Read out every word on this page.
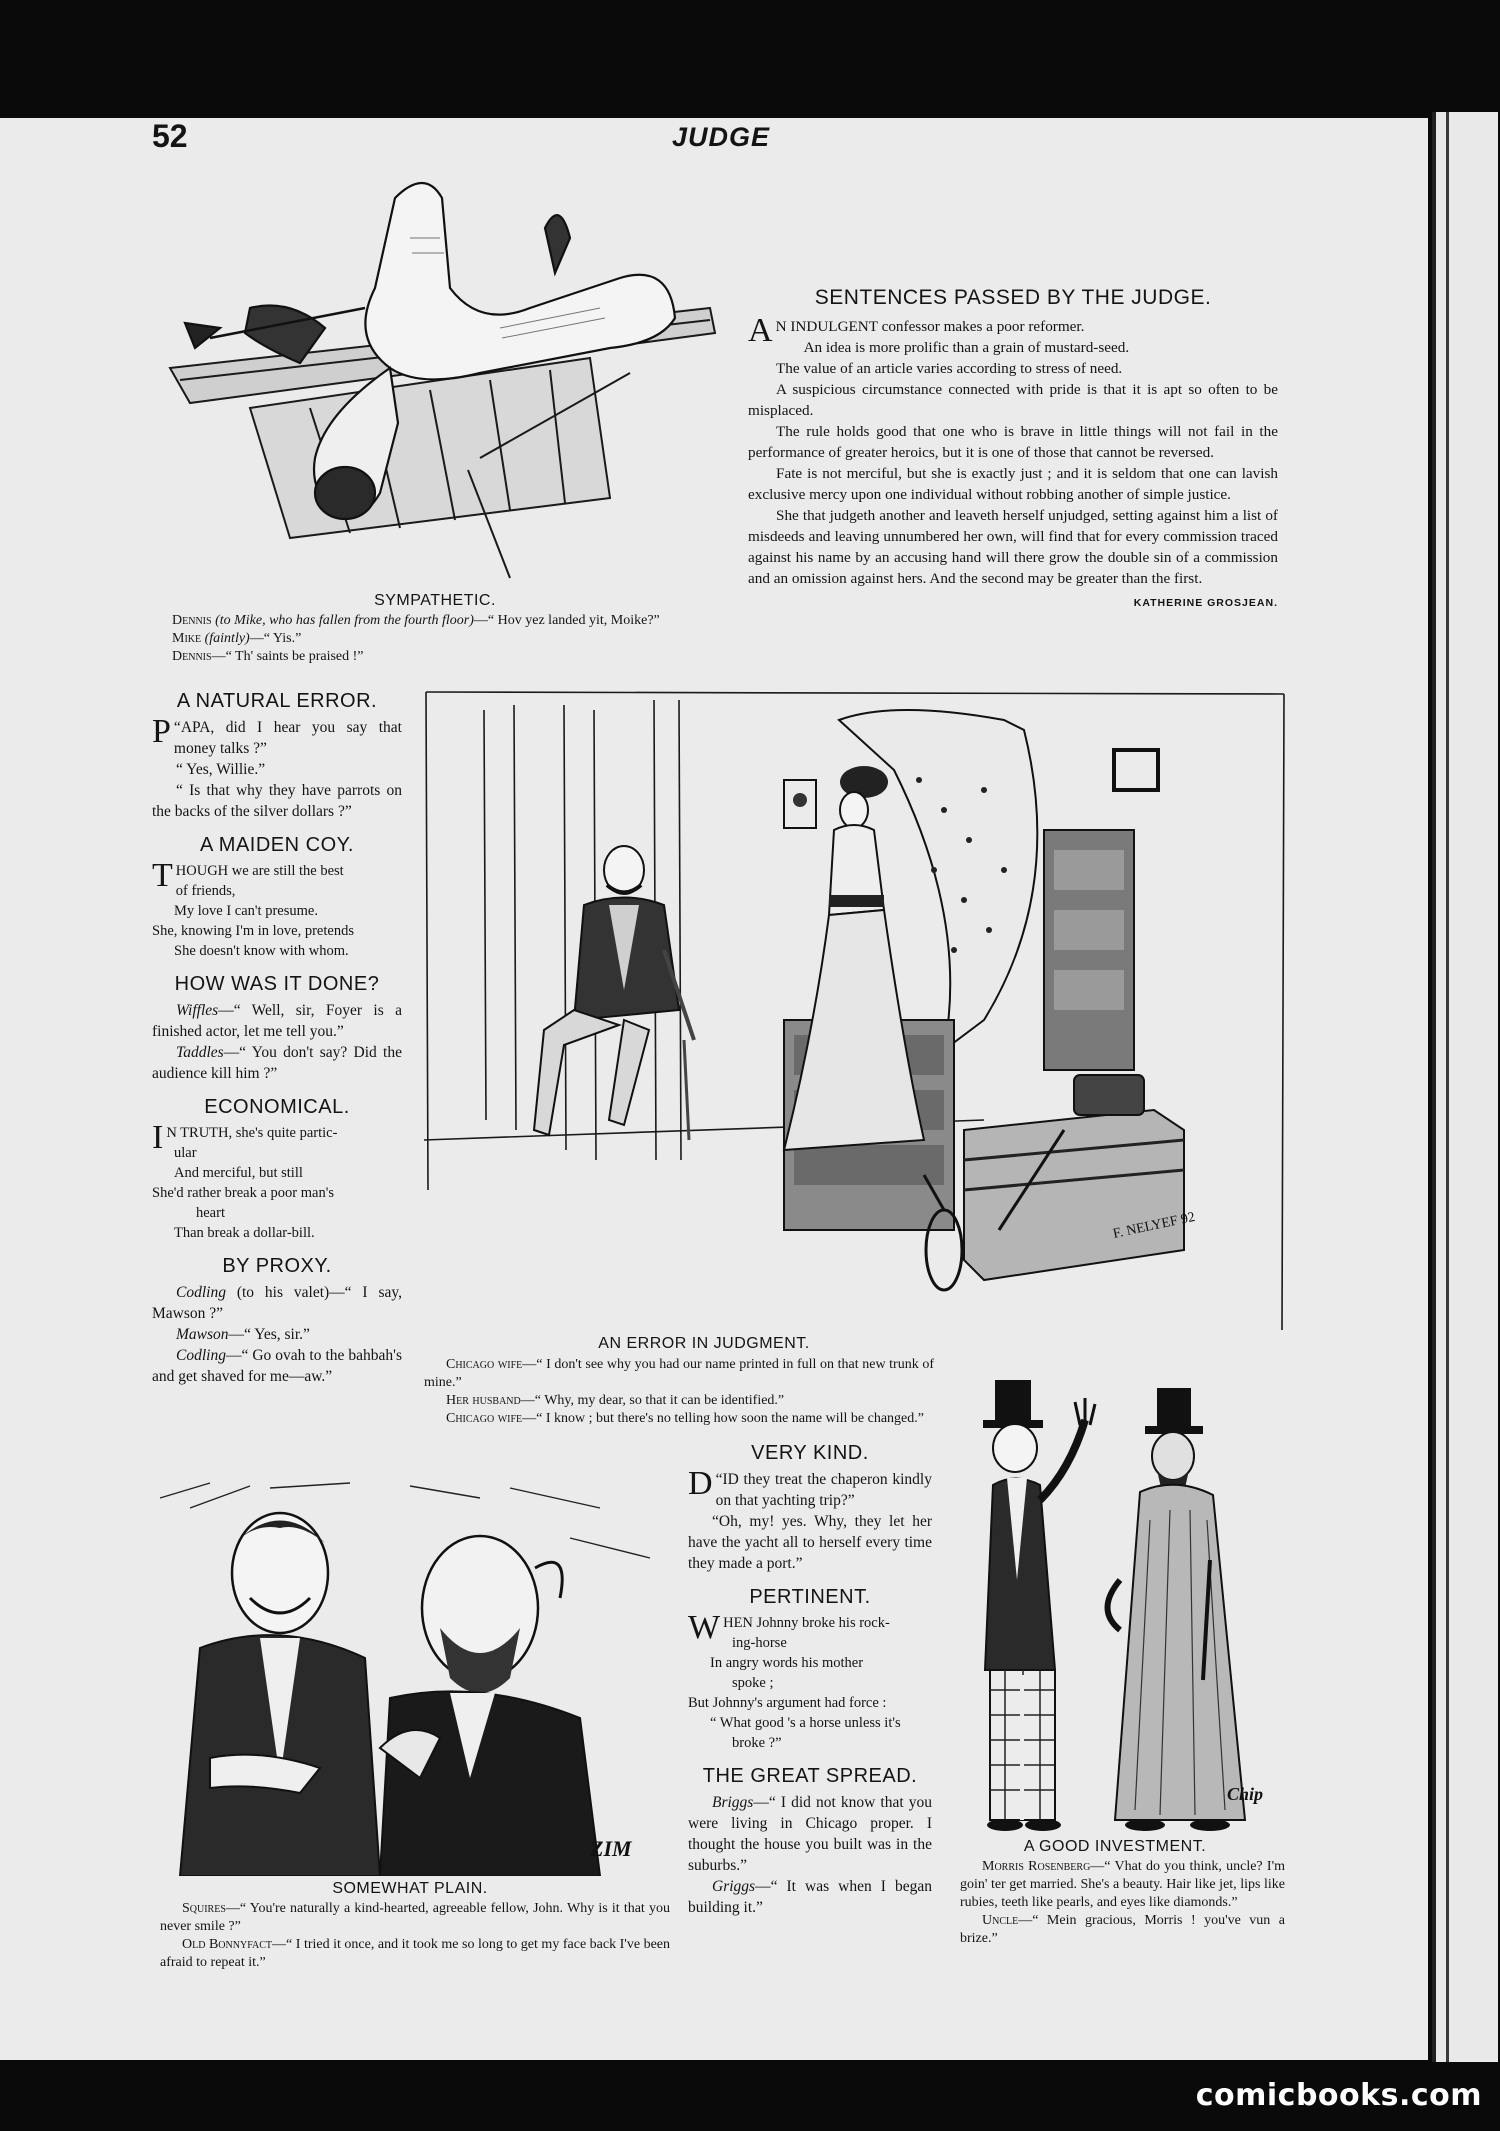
52	JUDGE
SYMPATHETIC.

Dennis (to Mike, who has fallen from the fourth floor)—“ Hov yez landed yit, Moike?”

Mike (faintly)—“ Yis.”

Dennis—“ Th' saints be praised !”

SENTENCES PASSED BY THE JUDGE.

A N INDULGENT confessor makes a poor reformer.

An idea is more prolific than a grain of mustard-seed.

The value of an article varies according to stress of need.

A suspicious circumstance connected with pride is that it is apt so often to be misplaced.

The rule holds good that one who is brave in little things will not fail in the performance of greater heroics, but it is one of those that cannot be reversed.

Fate is not merciful, but she is exactly just ; and it is seldom that one can lavish exclusive mercy upon one individual without robbing another of simple justice.

She that judgeth another and leaveth herself unjudged, setting against him a list of misdeeds and leaving unnumbered her own, will find that for every commission traced against his name by an accusing hand will there grow the double sin of a commission and an omission against hers. And the second may be greater than the first.

KATHERINE GROSJEAN.
A NATURAL ERROR.

“
P APA, did I hear you say that money talks ?”

“ Yes, Willie.”

“ Is that why they have parrots on the backs of the silver dollars ?”

A MAIDEN COY.

THOUGH we are still the best

of friends,

My love I can't presume.

She, knowing I'm in love, pretends

She doesn't know with whom.

HOW WAS IT DONE?

Wiffles—“ Well, sir, Foyer is a finished actor, let me tell you.”

Taddles—“ You don't say? Did the audience kill him ?”

ECONOMICAL.

I N TRUTH, she's quite partic-

ular

And merciful, but still

She'd rather break a poor man's

heart

Than break a dollar-bill.

BY PROXY.

Codling (to his valet)—“ I say, Mawson ?”

Mawson—“ Yes, sir.”

Codling—“ Go ovah to the bahbah's and get shaved for me—aw.”

F. NELYEF 92
AN ERROR IN JUDGMENT.

Chicago wife—“ I don't see why you had our name printed in full on that new trunk of mine.”

Her husband—“ Why, my dear, so that it can be identified.”

Chicago wife—“ I know ; but there's no telling how soon the name will be changed.”

ZIM
SOMEWHAT PLAIN.

Squires—“ You're naturally a kind-hearted, agreeable fellow, John. Why is it that you never smile ?”

Old Bonnyfact—“ I tried it once, and it took me so long to get my face back I've been afraid to repeat it.”

VERY KIND.

“
D ID they treat the chaperon kindly on that yachting trip?”

“Oh, my! yes. Why, they let her have the yacht all to herself every time they made a port.”

PERTINENT.

WHEN Johnny broke his rock-

ing-horse

In angry words his mother

spoke ;

But Johnny's argument had force :

“ What good 's a horse unless it's

broke ?”

THE GREAT SPREAD.

Briggs—“ I did not know that you were living in Chicago proper. I thought the house you built was in the suburbs.”

Griggs—“ It was when I began building it.”

Chip
A GOOD INVESTMENT.

Morris Rosenberg—“ Vhat do you think, uncle? I'm goin' ter get married. She's a beauty. Hair like jet, lips like rubies, teeth like pearls, and eyes like diamonds.”

Uncle—“ Mein gracious, Morris ! you've vun a brize.”

comicbooks.com
